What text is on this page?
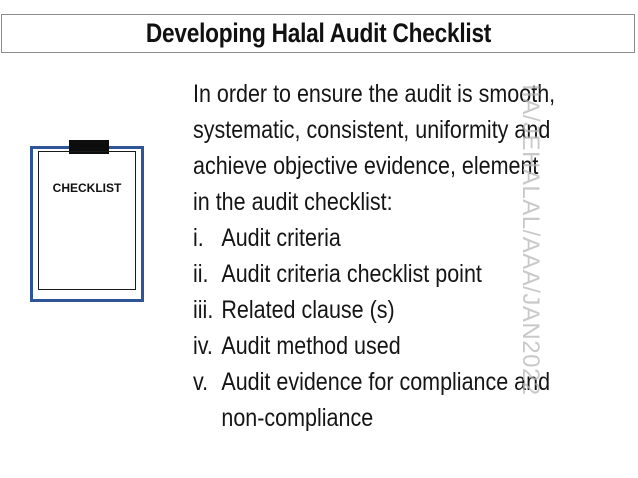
Developing Halal Audit Checklist
CHECKLIST
In order to ensure the audit is smooth,
systematic, consistent, uniformity and
achieve objective evidence, element
in the audit checklist:
i. Audit criteria
ii. Audit criteria checklist point
iii. Related clause (s)
iv. Audit method used
v. Audit evidence for compliance and
non-compliance
IIA/JEHALAL/AAA/JAN2022
